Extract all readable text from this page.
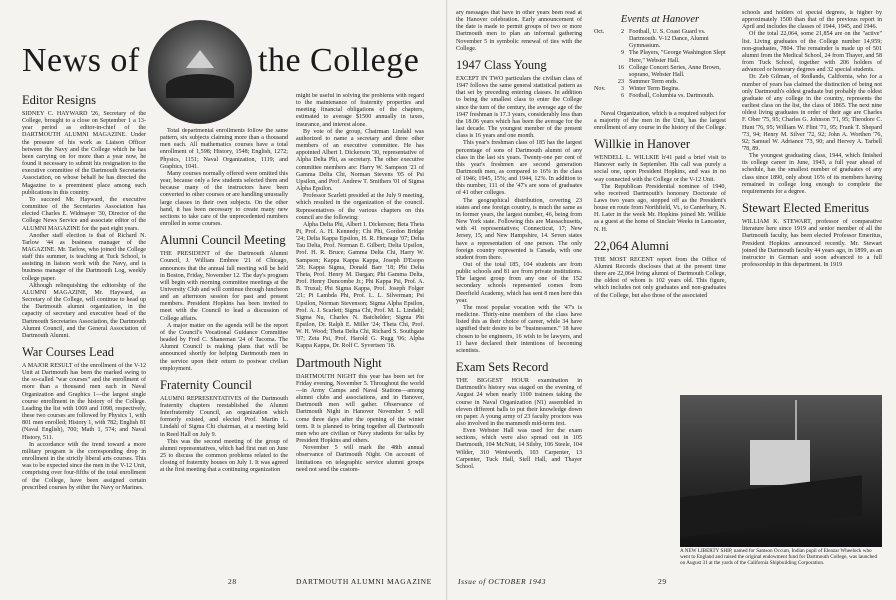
News of
Editor Resigns

SIDNEY C. HAYWARD '26, Secretary of the College, brought to a close on September 1 a 13-year period as editor-in-chief of the DARTMOUTH ALUMNI MAGAZINE. Under the pressure of his work as Liaison Officer between the Navy and the College which he has been carrying on for more than a year now, he found it necessary to submit his resignation to the executive committee of the Dartmouth Secretaries Association, on whose behalf he has directed the Magazine to a preeminent place among such publications in this country.

To succeed Mr. Hayward, the executive committee of the Secretaries Association has elected Charles E. Widmayer '30, Director of the College News Service and associate editor of the ALUMNI MAGAZINE for the past eight years.

Another staff election is that of Richard N. Tarlow '44 as business manager of the MAGAZINE. Mr. Tarlow, who joined the College staff this summer, is teaching at Tuck School, is assisting in liaison work with the Navy, and is business manager of the Dartmouth Log, weekly college paper.

Although relinquishing the editorship of the ALUMNI MAGAZINE, Mr. Hayward, as Secretary of the College, will continue to head up the Dartmouth alumni organization, in the capacity of secretary and executive head of the Dartmouth Secretaries Association, the Dartmouth Alumni Council, and the General Association of Dartmouth Alumni.

War Courses Lead

A MAJOR RESULT of the enrollment of the V-12 Unit at Dartmouth has been the marked swing to the so-called "war courses" and the enrollment of more than a thousand men each in Naval Organization and Graphics 1—the largest single course enrollment in the history of the College. Leading the list with 1069 and 1098, respectively, these two courses are followed by Physics 1, with 801 men enrolled; History 1, with 782; English 81 (Naval English), 700; Math 1, 574; and Naval History, 511.

In accordance with the trend toward a more military program is the corresponding drop in enrollment in the strictly liberal arts courses. This was to be expected since the men in the V-12 Unit, comprising over four-fifths of the total enrollment of the College, have been assigned certain prescribed courses by either the Navy or Marines.

Total departmental enrollments follow the same pattern, six subjects claiming more than a thousand men each. All mathematics courses have a total enrollment of 1,598; History, 1548; English, 1272; Physics, 1151; Naval Organization, 1119; and Graphics, 1041.

Many courses normally offered were omitted this year, because only a few students selected them and because many of the instructors have been converted to other courses or are handling unusually large classes in their own subjects. On the other hand, it has been necessary to create many new sections to take care of the unprecedented numbers enrolled in some courses.

Alumni Council Meeting

THE PRESIDENT of the Dartmouth Alumni Council, J. William Embree '21 of Chicago, announces that the annual fall meeting will be held in Boston, Friday, November 12. The day's program will begin with morning committee meetings at the University Club and will continue through luncheon and an afternoon session for past and present members. President Hopkins has been invited to meet with the Council to lead a discussion of College affairs.

A major matter on the agenda will be the report of the Council's Vocational Guidance Committee headed by Fred C. Shaneman '24 of Tacoma. The Alumni Council is making plans that will be announced shortly for helping Dartmouth men in the service upon their return to postwar civilian employment.

Fraternity Council

ALUMNI REPRESENTATIVES of the Dartmouth fraternity chapters reestablished the Alumni Interfraternity Council, an organization which formerly existed, and elected Prof. Martin L. Lindahl of Sigma Chi chairman, at a meeting held in Reed Hall on July 9.

This was the second meeting of the group of alumni representatives, which had first met on June 25 to discuss the common problems related to the closing of fraternity houses on July 1. It was agreed at the first meeting that a continuing organization

might be useful in solving the problems with regard to the maintenance of fraternity properties and meeting financial obligations of the chapters, estimated to average $1500 annually in taxes, insurance, and interest alone.

By vote of the group, Chairman Lindahl was authorized to name a secretary and three other members of an executive committee. He has appointed Albert I. Dickerson '30, representative of Alpha Delta Phi, as secretary. The other executive committee members are: Harry W. Sampson '21 of Gamma Delta Chi, Norman Stevens '05 of Psi Upsilon, and Prof. Andrew T. Smithers '01 of Sigma Alpha Epsilon.

Professor Scarlett presided at the July 9 meeting, which resulted in the organization of the council. Representatives of the various chapters on this council are the following:

Alpha Delta Phi, Albert I. Dickerson; Beta Theta Pi, Prof. A. H. Kennedy; Chi Phi, Gordon Bridge '24; Delta Kappa Epsilon, H. R. Heneage '07; Delta Tau Delta, Prof. Norman E. Gilbert; Delta Upsilon, Prof. H. R. Bruce; Gamma Delta Chi, Harry W. Sampson; Kappa Kappa Kappa, Joseph D'Esopo '29; Kappa Sigma, Donald Barr '18; Phi Delta Theta, Prof. Henry M. Dargan; Phi Gamma Delta, Prof. Henry Duncombe Jr.; Phi Kappa Psi, Prof. A. B. Truxal; Phi Sigma Kappa, Prof. Joseph Folger '21; Pi Lambda Phi, Prof. L. L. Silverman; Psi Upsilon, Norman Stevenson; Sigma Alpha Epsilon, Prof. A. J. Scarlett; Sigma Chi, Prof. M. L. Lindahl; Sigma Nu, Charles N. Batchelder; Sigma Phi Epsilon, Dr. Ralph E. Miller '24; Theta Chi, Prof. W. H. Wood; Theta Delta Chi, Richard S. Southgate '07; Zeta Psi, Prof. Harold G. Rugg '06; Alpha Kappa Kappa, Dr. Rolf C. Syvertsen '18.

Dartmouth Night

DARTMOUTH NIGHT this year has been set for Friday evening, November 5. Throughout the world—in Army Camps and Naval Stations—among alumni clubs and associations, and in Hanover, Dartmouth men will gather. Observance of Dartmouth Night in Hanover November 5 will come three days after the opening of the winter term. It is planned to bring together all Dartmouth men who are civilian or Navy students for talks by President Hopkins and others.

November 5 will mark the 48th annual observance of Dartmouth Night. On account of limitations on telegraphic service alumni groups need not send the custom-

28	DARTMOUTH ALUMNI MAGAZINE
the College

ary messages that have in other years been read at the Hanover celebration. Early announcement of the date is made to permit groups of two or more Dartmouth men to plan an informal gathering November 5 in symbolic renewal of ties with the College.

1947 Class Young

EXCEPT IN TWO particulars the civilian class of 1947 follows the same general statistical pattern as that set by preceding entering classes. In addition to being the smallest class to enter the College since the turn of the century, the average age of the 1947 freshman is 17.3 years, considerably less than the 18.06 years which has been the average for the last decade. The youngest member of the present class is 16 years and one month.

This year's freshman class of 185 has the largest percentage of sons of Dartmouth alumni of any class in the last six years. Twenty-one per cent of this year's freshmen are second generation Dartmouth men, as compared to 16% in the class of 1946; 1945, 15%; and 1944, 12%. In addition to this number, 111 of the '47's are sons of graduates of 41 other colleges.

The geographical distribution, covering 23 states and one foreign country, is much the same as in former years, the largest number, 46, being from New York state. Following this are Massachusetts, with 41 representatives; Connecticut, 17; New Jersey, 15; and New Hampshire, 14. Seven states have a representation of one person. The only foreign country represented is Canada, with one student from there.

Out of the total 185, 104 students are from public schools and 81 are from private institutions. The largest group from any one of the 152 secondary schools represented comes from Deerfield Academy, which has sent 8 men here this year.

The most popular vocation with the '47's is medicine. Thirty-nine members of the class have listed this as their choice of career, while 34 have signified their desire to be "businessmen." 18 have chosen to be engineers, 16 wish to be lawyers, and 11 have declared their intentions of becoming scientists.

Exam Sets Record

THE BIGGEST HOUR examination in Dartmouth's history was staged on the evening of August 24 when nearly 1100 trainees taking the course in Naval Organization (N1) assembled in eleven different halls to put their knowledge down on paper. A young army of 23 faculty proctors was also involved in the mammoth mid-term test.

Even Webster Hall was used for the exam sections, which were also spread out in 105 Dartmouth, 104 McNutt, 14 Silsby, 106 Steele, 104 Wilder, 310 Wentworth, 103 Carpenter, 13 Carpenter, Tuck Hall, Stell Hall, and Thayer School.

Events at Hanover
Oct.	2 Football, U. S. Coast Guard vs. Dartmouth. V-12 Dance, Alumni Gymnasium.
9 The Players, "George Washington Slept Here," Webster Hall.
16 College Concert Series, Anne Brown, soprano, Webster Hall.
23 Summer Term ends.
Nov.	3 Winter Term Begins.
6 Football, Columbia vs. Dartmouth.

Naval Organization, which is a required subject for a majority of the men in the Unit, has the largest enrollment of any course in the history of the College.

Willkie in Hanover

WENDELL L. WILLKIE h'41 paid a brief visit to Hanover early in September. His call was purely a social one, upon President Hopkins, and was in no way connected with the College or the V-12 Unit.

The Republican Presidential nominee of 1940, who received Dartmouth's honorary Doctorate of Laws two years ago, stopped off as the President's house en route from Northfield, Vt., to Canterbury, N. H. Later in the week Mr. Hopkins joined Mr. Willkie as a guest at the home of Sinclair Weeks in Lancaster, N. H.

22,064 Alumni

THE MOST RECENT report from the Office of Alumni Records discloses that at the present time there are 22,064 living alumni of Dartmouth College, the oldest of whom is 102 years old. This figure, which includes not only graduates and non-graduates of the College, but also those of the associated

schools and holders of special degrees, is higher by approximately 1500 than that of the previous report in April and includes the classes of 1944, 1945, and 1946.

Of the total 22,064, some 21,854 are on the "active" list. Living graduates of the College number 14,959; non-graduates, 7804. The remainder is made up of 501 alumni from the Medical School, 24 from Thayer, and 58 from Tuck School, together with 206 holders of advanced or honorary degrees and 32 special students.

Dr. Zeb Gilman, of Redlands, California, who for a number of years has claimed the distinction of being not only Dartmouth's oldest graduate but probably the oldest graduate of any college in the country, represents the earliest class on the list, the class of 1865. The next nine oldest living graduates in order of their age are Charles F. Ober '75, 95; Charles G. Johnson '71, 95; Theodore C. Hunt '76, 95; William W. Flint '71, 95; Frank T. Shepard '73, 94; Henry M. Silver '72, 92; John A. Worthen '76, 92; Samuel W. Adriance '73, 90; and Hervey A. Tarbell '78, 89.

The youngest graduating class, 1944, which finished its college career in June, 1943, a full year ahead of schedule, has the smallest number of graduates of any class since 1890, only about 16% of its members having remained in college long enough to complete the requirements for a degree.

Stewart Elected Emeritus

WILLIAM K. STEWART, professor of comparative literature here since 1919 and senior member of all the Dartmouth faculty, has been elected Professor Emeritus, President Hopkins announced recently. Mr. Stewart joined the Dartmouth faculty 44 years ago, in 1899, as an instructor in German and soon advanced to a full professorship in this department. In 1919

A NEW LIBERTY SHIP, named for Samson Occum, Indian pupil of Eleazar Wheelock who went to England and raised the original endowment fund for Dartmouth College, was launched on August 31 at the yards of the California Shipbuilding Corporation.
Issue of OCTOBER 1943	29
